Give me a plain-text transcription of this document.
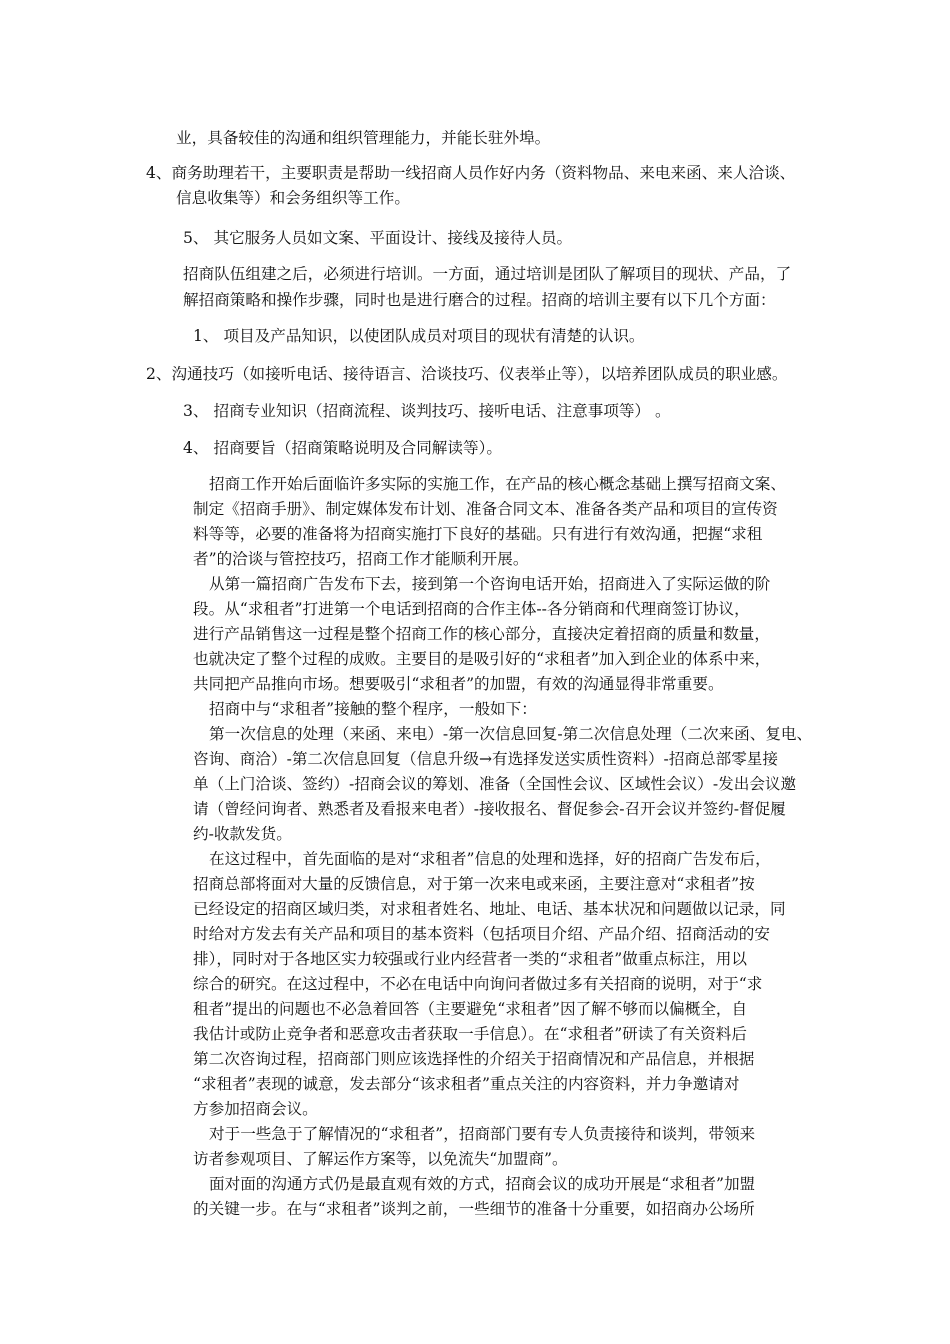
业，具备较佳的沟通和组织管理能力，并能长驻外埠。
4、商务助理若干，主要职责是帮助一线招商人员作好内务（资料物品、来电来函、来人洽谈、
信息收集等）和会务组织等工作。
5、 其它服务人员如文案、平面设计、接线及接待人员。
招商队伍组建之后，必须进行培训。一方面，通过培训是团队了解项目的现状、产品，了
解招商策略和操作步骤，同时也是进行磨合的过程。招商的培训主要有以下几个方面：
1、 项目及产品知识，以使团队成员对项目的现状有清楚的认识。
2、沟通技巧（如接听电话、接待语言、洽谈技巧、仪表举止等），以培养团队成员的职业感。
3、 招商专业知识（招商流程、谈判技巧、接听电话、注意事项等） 。
4、 招商要旨（招商策略说明及合同解读等）。
招商工作开始后面临许多实际的实施工作，在产品的核心概念基础上撰写招商文案、
制定《招商手册》、制定媒体发布计划、准备合同文本、准备各类产品和项目的宣传资
料等等，必要的准备将为招商实施打下良好的基础。只有进行有效沟通，把握“求租
者”的洽谈与管控技巧，招商工作才能顺利开展。
从第一篇招商广告发布下去，接到第一个咨询电话开始，招商进入了实际运做的阶
段。从“求租者”打进第一个电话到招商的合作主体--各分销商和代理商签订协议，
进行产品销售这一过程是整个招商工作的核心部分，直接决定着招商的质量和数量，
也就决定了整个过程的成败。主要目的是吸引好的“求租者”加入到企业的体系中来，
共同把产品推向市场。想要吸引“求租者”的加盟，有效的沟通显得非常重要。
招商中与“求租者”接触的整个程序，一般如下：
第一次信息的处理（来函、来电）-第一次信息回复-第二次信息处理（二次来函、复电、
咨询、商洽）-第二次信息回复（信息升级→有选择发送实质性资料）-招商总部零星接
单（上门洽谈、签约）-招商会议的筹划、准备（全国性会议、区域性会议）-发出会议邀
请（曾经问询者、熟悉者及看报来电者）-接收报名、督促参会-召开会议并签约-督促履
约-收款发货。
在这过程中，首先面临的是对“求租者”信息的处理和选择，好的招商广告发布后，
招商总部将面对大量的反馈信息，对于第一次来电或来函，主要注意对“求租者”按
已经设定的招商区域归类，对求租者姓名、地址、电话、基本状况和问题做以记录，同
时给对方发去有关产品和项目的基本资料（包括项目介绍、产品介绍、招商活动的安
排），同时对于各地区实力较强或行业内经营者一类的“求租者”做重点标注，用以
综合的研究。在这过程中，不必在电话中向询问者做过多有关招商的说明，对于“求
租者”提出的问题也不必急着回答（主要避免“求租者”因了解不够而以偏概全，自
我估计或防止竞争者和恶意攻击者获取一手信息）。在“求租者”研读了有关资料后
第二次咨询过程，招商部门则应该选择性的介绍关于招商情况和产品信息，并根据
“求租者”表现的诚意，发去部分“该求租者”重点关注的内容资料，并力争邀请对
方参加招商会议。
对于一些急于了解情况的“求租者”，招商部门要有专人负责接待和谈判，带领来
访者参观项目、了解运作方案等，以免流失“加盟商”。
面对面的沟通方式仍是最直观有效的方式，招商会议的成功开展是“求租者”加盟
的关键一步。在与“求租者”谈判之前，一些细节的准备十分重要，如招商办公场所
